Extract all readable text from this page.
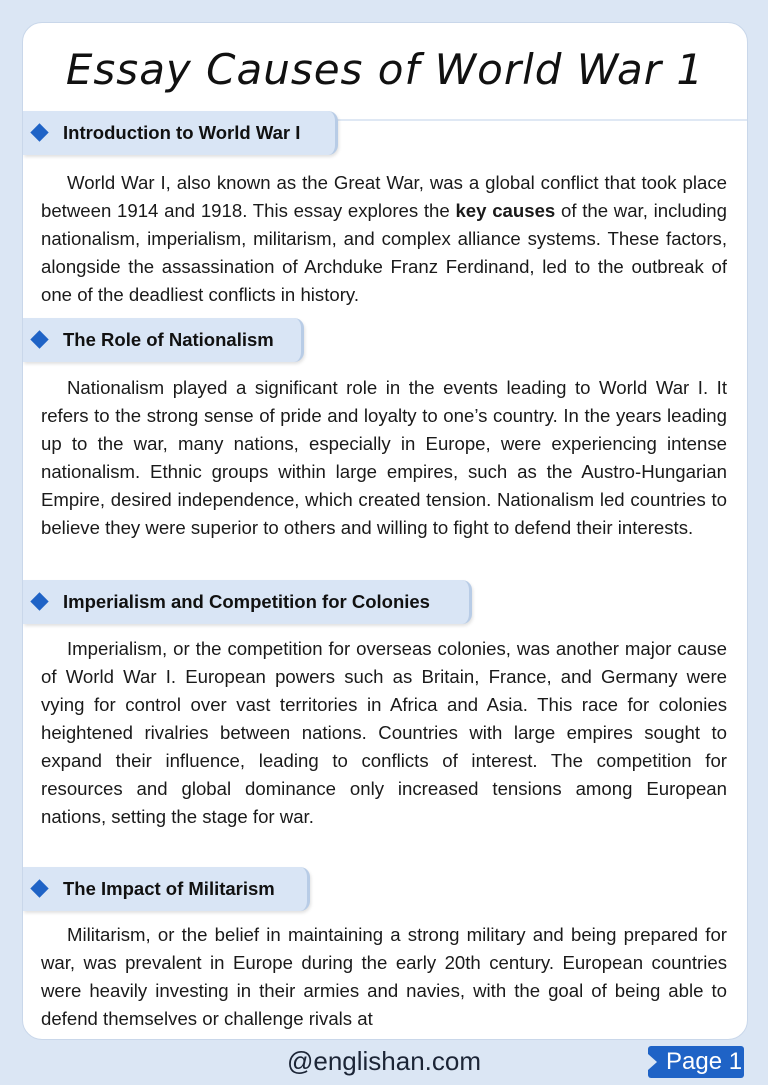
Essay Causes of World War 1
Introduction to World War I
World War I, also known as the Great War, was a global conflict that took place between 1914 and 1918. This essay explores the key causes of the war, including nationalism, imperialism, militarism, and complex alliance systems. These factors, alongside the assassination of Archduke Franz Ferdinand, led to the outbreak of one of the deadliest conflicts in history.
The Role of Nationalism
Nationalism played a significant role in the events leading to World War I. It refers to the strong sense of pride and loyalty to one’s country. In the years leading up to the war, many nations, especially in Europe, were experiencing intense nationalism. Ethnic groups within large empires, such as the Austro-Hungarian Empire, desired independence, which created tension. Nationalism led countries to believe they were superior to others and willing to fight to defend their interests.
Imperialism and Competition for Colonies
Imperialism, or the competition for overseas colonies, was another major cause of World War I. European powers such as Britain, France, and Germany were vying for control over vast territories in Africa and Asia. This race for colonies heightened rivalries between nations. Countries with large empires sought to expand their influence, leading to conflicts of interest. The competition for resources and global dominance only increased tensions among European nations, setting the stage for war.
The Impact of Militarism
Militarism, or the belief in maintaining a strong military and being prepared for war, was prevalent in Europe during the early 20th century. European countries were heavily investing in their armies and navies, with the goal of being able to defend themselves or challenge rivals at
@englishan.com	Page 1
